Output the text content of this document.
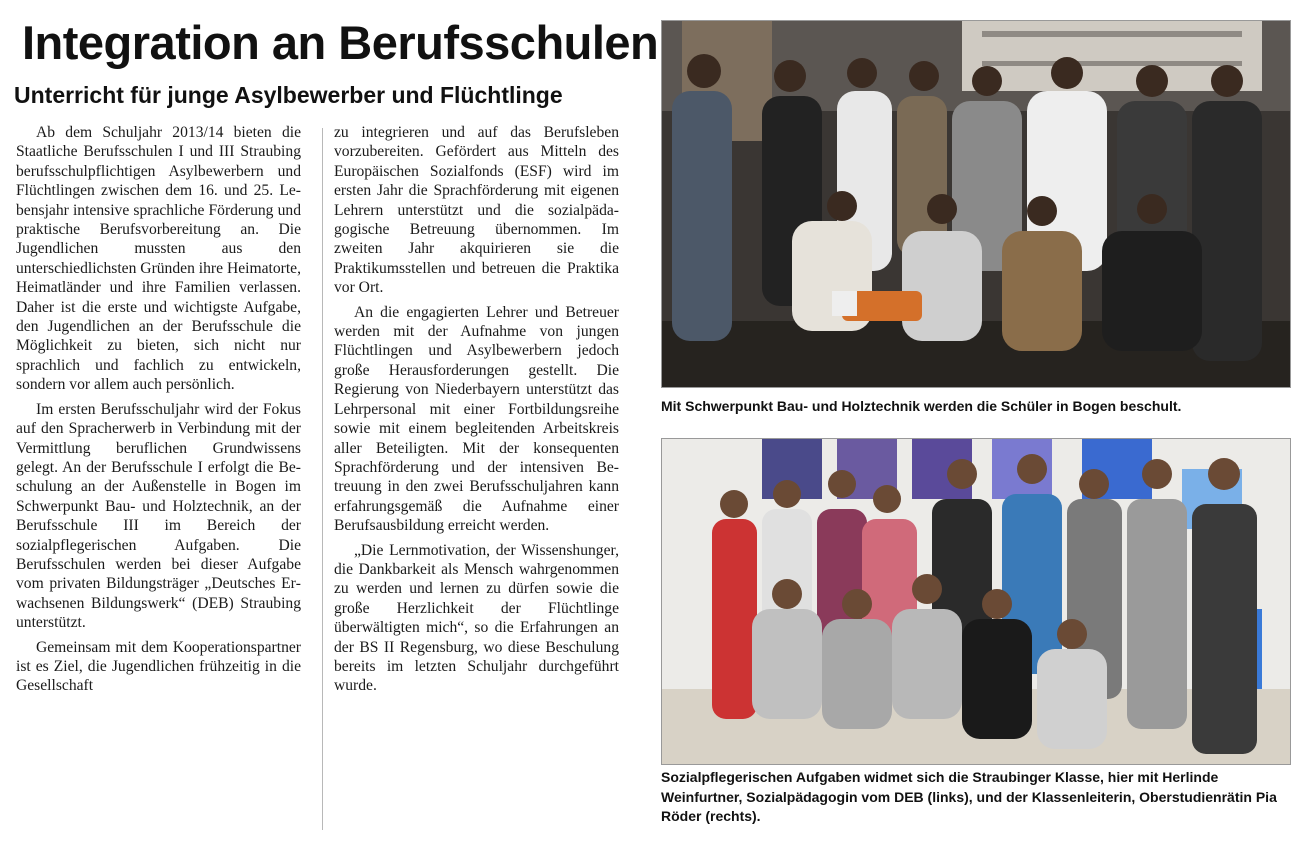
Integration an Berufsschulen
Unterricht für junge Asylbewerber und Flüchtlinge

Ab dem Schuljahr 2013/14 bieten die Staatliche Berufsschulen I und III Straubing berufsschulpflichtigen Asylbewerbern und Flüchtlingen zwischen dem 16. und 25. Lebensjahr intensive sprachliche Förderung und praktische Berufsvorbereitung an. Die Jugendlichen mussten aus den unterschiedlichsten Gründen ihre Heimatorte, Heimatländer und ihre Familien verlassen. Daher ist die erste und wichtigste Aufgabe, den Jugendlichen an der Berufsschule die Möglichkeit zu bieten, sich nicht nur sprachlich und fachlich zu entwickeln, sondern vor allem auch persönlich.

Im ersten Berufsschuljahr wird der Fokus auf den Spracherwerb in Verbindung mit der Vermittlung beruflichen Grundwissens gelegt. An der Berufsschule I erfolgt die Beschulung an der Außenstelle in Bogen im Schwerpunkt Bau- und Holztechnik, an der Berufsschule III im Bereich der sozialpflegerischen Aufgaben. Die Berufsschulen werden bei dieser Aufgabe vom privaten Bildungsträger „Deutsches Erwachsenen Bildungswerk“ (DEB) Straubing unterstützt.

Gemeinsam mit dem Kooperationspartner ist es Ziel, die Jugendlichen frühzeitig in die Gesellschaft

zu integrieren und auf das Berufsleben vorzubereiten. Gefördert aus Mitteln des Europäischen Sozialfonds (ESF) wird im ersten Jahr die Sprachförderung mit eigenen Lehrern unterstützt und die sozialpädagogische Betreuung übernommen. Im zweiten Jahr akquirieren sie die Praktikumsstellen und betreuen die Praktika vor Ort.

An die engagierten Lehrer und Betreuer werden mit der Aufnahme von jungen Flüchtlingen und Asylbewerbern jedoch große Herausforderungen gestellt. Die Regierung von Niederbayern unterstützt das Lehrpersonal mit einer Fortbildungsreihe sowie mit einem begleitenden Arbeitskreis aller Beteiligten. Mit der konsequenten Sprachförderung und der intensiven Betreuung in den zwei Berufsschuljahren kann erfahrungsgemäß die Aufnahme einer Berufsausbildung erreicht werden.

„Die Lernmotivation, der Wissenshunger, die Dankbarkeit als Mensch wahrgenommen zu werden und lernen zu dürfen sowie die große Herzlichkeit der Flüchtlinge überwältigten mich“, so die Erfahrungen an der BS II Regensburg, wo diese Beschulung bereits im letzten Schuljahr durchgeführt wurde.

Mit Schwerpunkt Bau- und Holztechnik werden die Schüler in Bogen beschult.
Sozialpflegerischen Aufgaben widmet sich die Straubinger Klasse, hier mit Herlinde Weinfurtner, Sozialpädagogin vom DEB (links), und der Klassenleiterin, Oberstudienrätin Pia Röder (rechts).
